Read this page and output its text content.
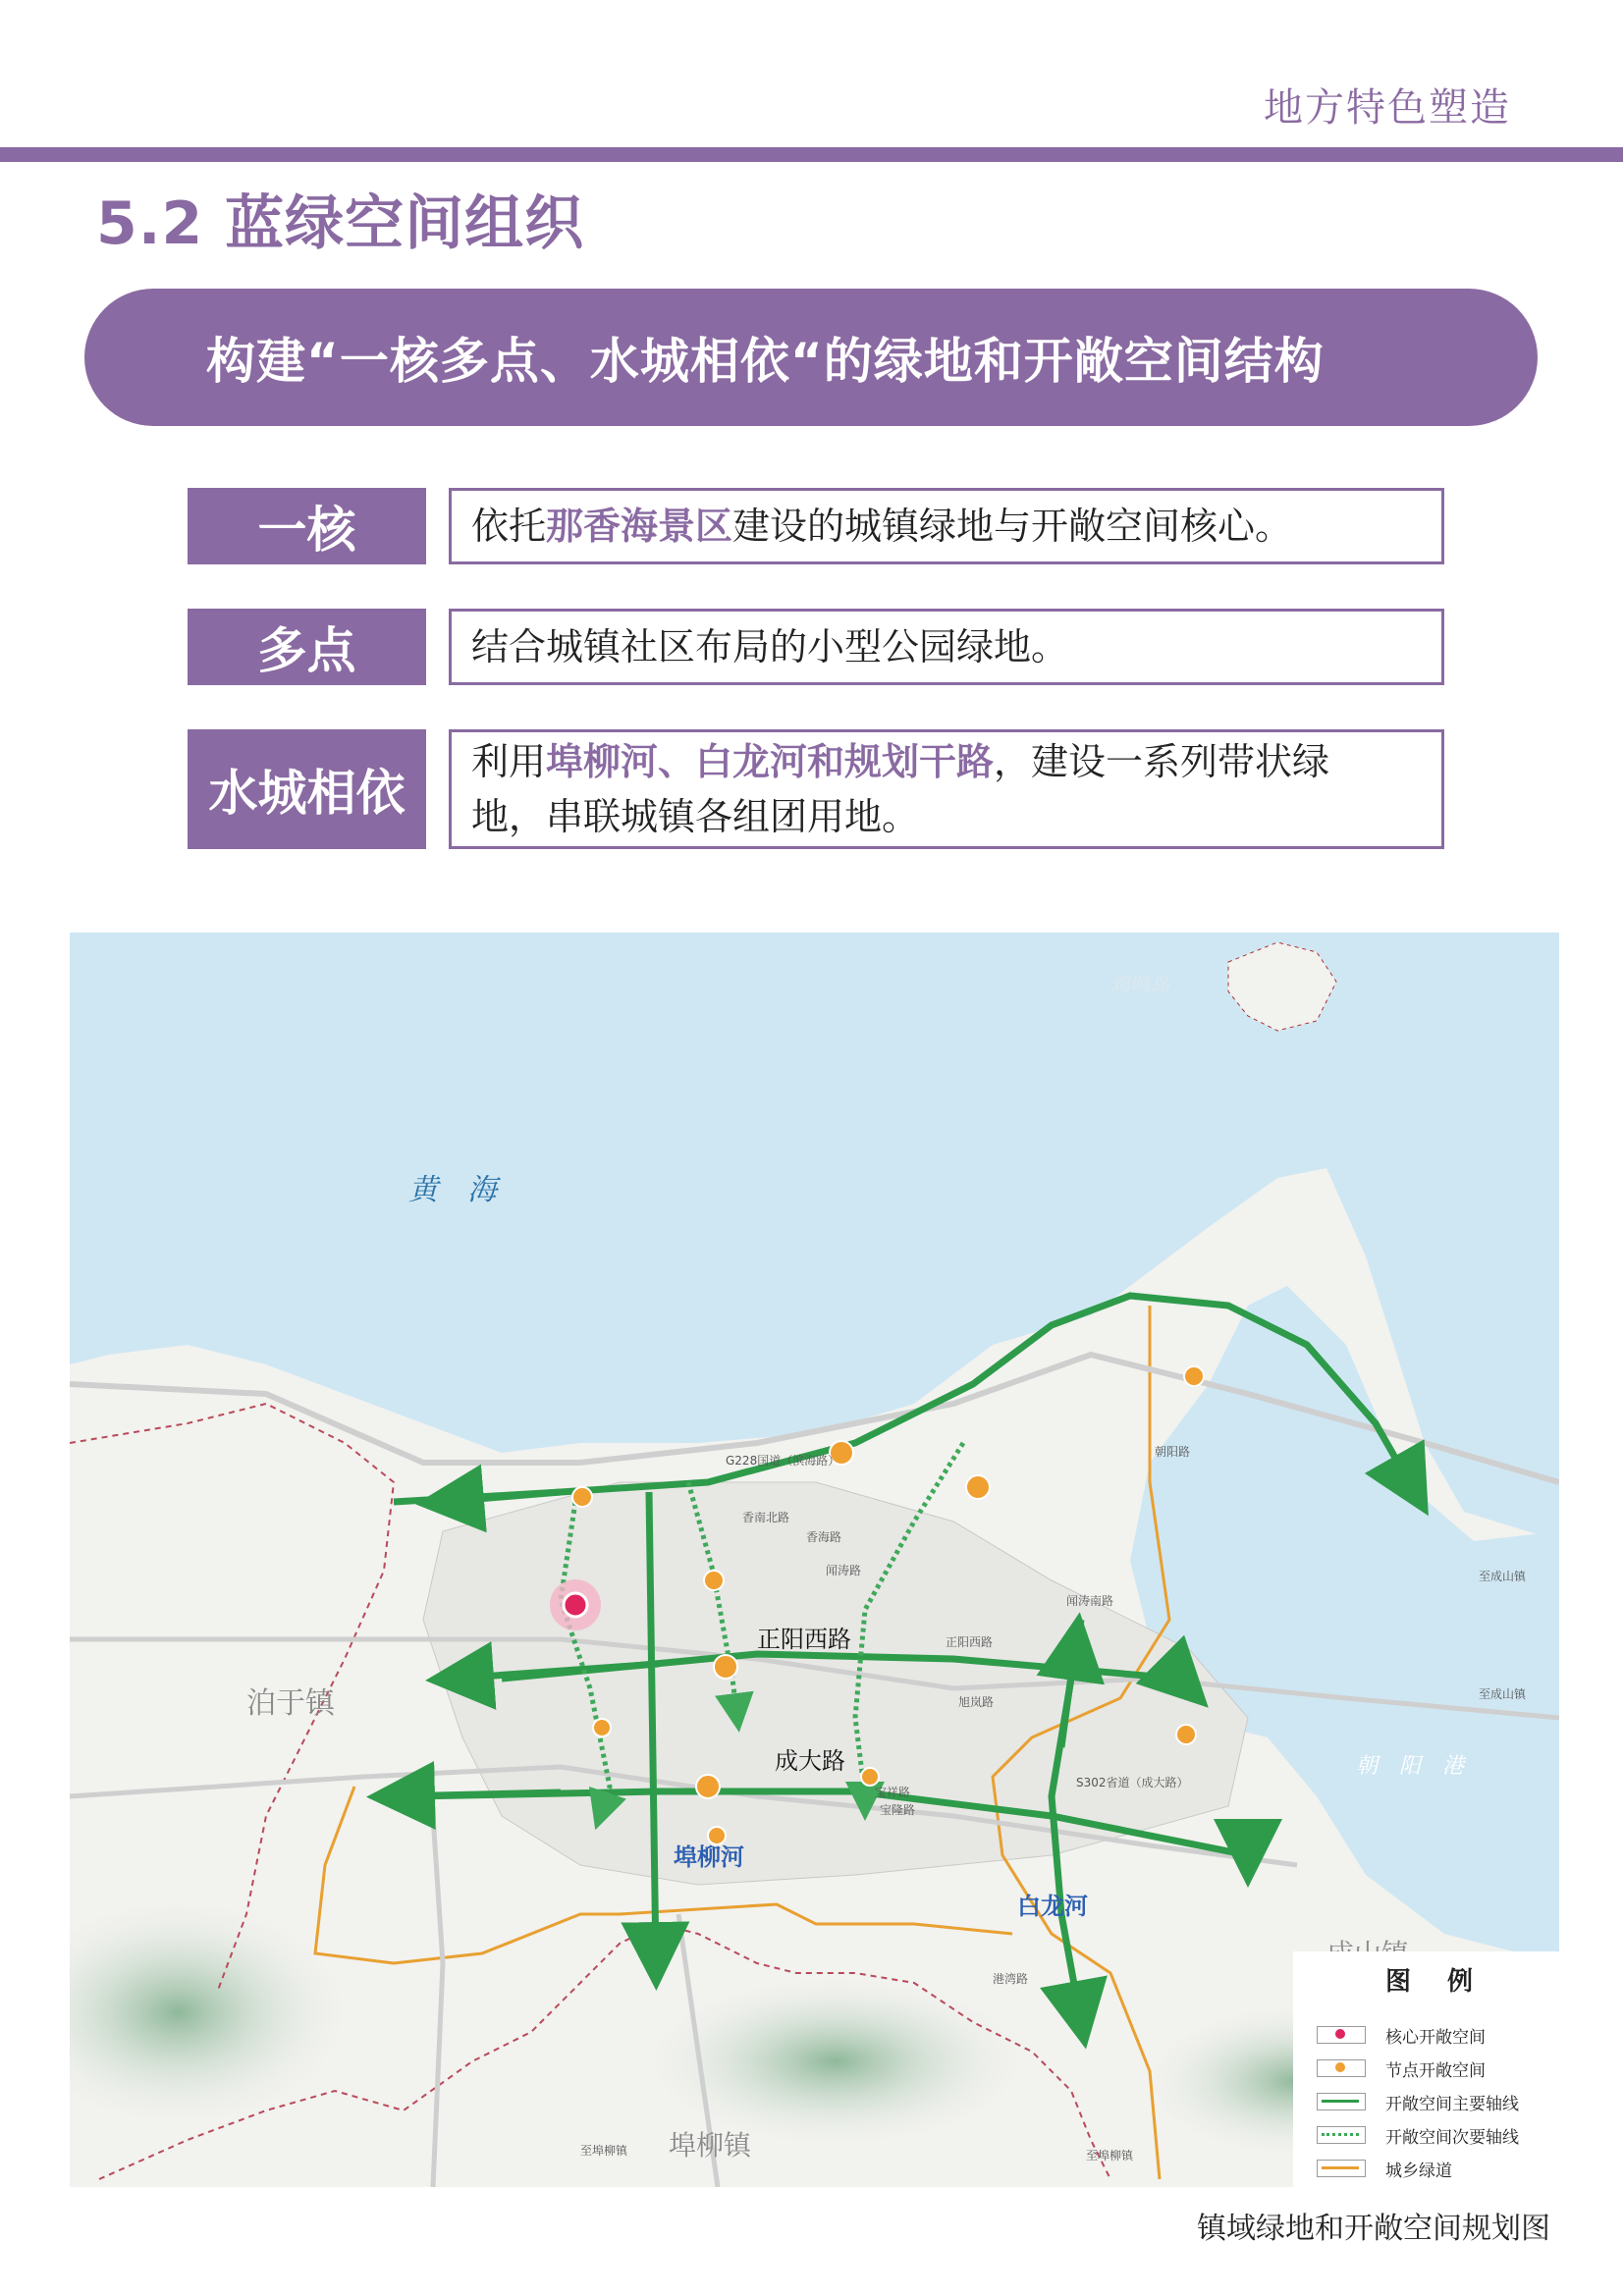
地方特色塑造
5.2 蓝绿空间组织
构建“一核多点、水城相依“的绿地和开敞空间结构
一核	依托那香海景区建设的城镇绿地与开敞空间核心。
多点	结合城镇社区布局的小型公园绿地。
水城相依
利用埠柳河、白龙河和规划干路，建设一系列带状绿地，串联城镇各组团用地。
鸡鸣岛
黄　海
泊于镇
埠柳镇
朝　阳　港
正阳西路
成大路
埠柳河
白龙河
G228国道（滨海路）
香南北路
香海路
闻涛路
闻涛南路
正阳西路
旭岚路
S302省道（成大路）
宝祥路
宝隆路
朝阳路
港湾路
至成山镇
至成山镇
至埠柳镇	至埠柳镇
图 例
核心开敞空间
节点开敞空间
开敞空间主要轴线
开敞空间次要轴线
城乡绿道
镇域绿地和开敞空间规划图
